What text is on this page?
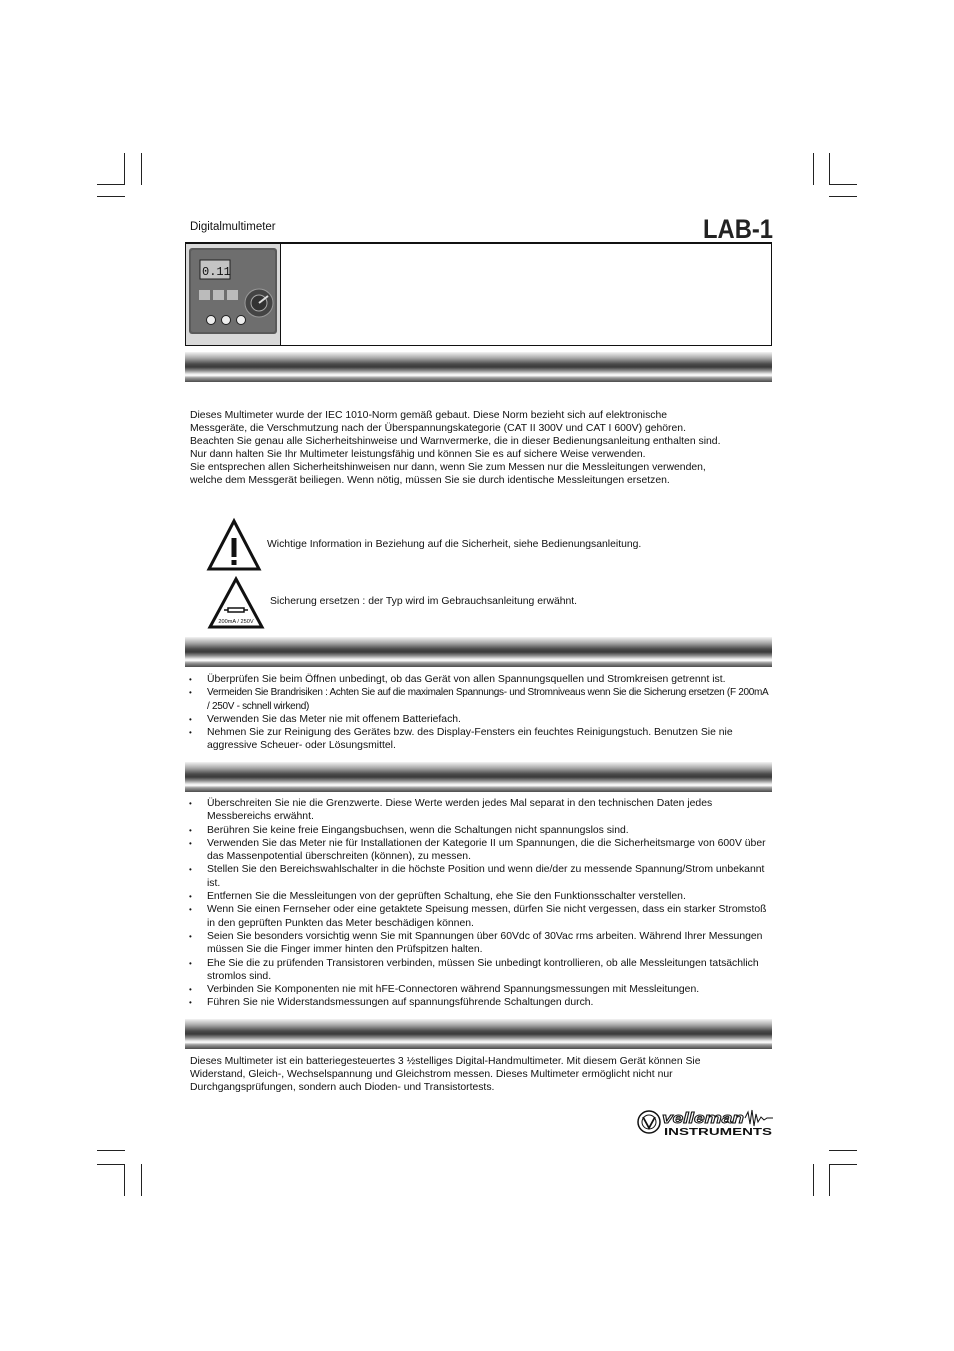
Digitalmultimeter	LAB-1
0.11

Dieses Multimeter wurde der IEC 1010-Norm gemäß gebaut. Diese Norm bezieht sich auf elektronische

Messgeräte, die Verschmutzung nach der Überspannungskategorie (CAT II 300V und CAT I 600V) gehören.

Beachten Sie genau alle Sicherheitshinweise und Warnvermerke, die in dieser Bedienungsanleitung enthalten sind.

Nur dann halten Sie Ihr Multimeter leistungsfähig und können Sie es auf sichere Weise verwenden.

Sie entsprechen allen Sicherheitshinweisen nur dann, wenn Sie zum Messen nur die Messleitungen verwenden,

welche dem Messgerät beiliegen. Wenn nötig, müssen Sie sie durch identische Messleitungen ersetzen.

Wichtige Information in Beziehung auf die Sicherheit, siehe Bedienungsanleitung.
200mA / 250V
Sicherung ersetzen : der Typ wird im Gebrauchsanleitung erwähnt.
• Überprüfen Sie beim Öffnen unbedingt, ob das Gerät von allen Spannungsquellen und Stromkreisen getrennt ist.
• Vermeiden Sie Brandrisiken : Achten Sie auf die maximalen Spannungs- und Stromniveaus wenn Sie die Sicherung ersetzen (F 200mA / 250V - schnell wirkend)
• Verwenden Sie das Meter nie mit offenem Batteriefach.
• Nehmen Sie zur Reinigung des Gerätes bzw. des Display-Fensters ein feuchtes Reinigungstuch. Benutzen Sie nie aggressive Scheuer- oder Lösungsmittel.
• Überschreiten Sie nie die Grenzwerte. Diese Werte werden jedes Mal separat in den technischen Daten jedes Messbereichs erwähnt.
• Berühren Sie keine freie Eingangsbuchsen, wenn die Schaltungen nicht spannungslos sind.
• Verwenden Sie das Meter nie für Installationen der Kategorie II um Spannungen, die die Sicherheitsmarge von 600V über das Massenpotential überschreiten (können), zu messen.
• Stellen Sie den Bereichswahlschalter in die höchste Position und wenn die/der zu messende Spannung/Strom unbekannt ist.
• Entfernen Sie die Messleitungen von der geprüften Schaltung, ehe Sie den Funktionsschalter verstellen.
• Wenn Sie einen Fernseher oder eine getaktete Speisung messen, dürfen Sie nicht vergessen, dass ein starker Stromstoß in den geprüften Punkten das Meter beschädigen können.
• Seien Sie besonders vorsichtig wenn Sie mit Spannungen über 60Vdc of 30Vac rms arbeiten. Während Ihrer Messungen müssen Sie die Finger immer hinten den Prüfspitzen halten.
• Ehe Sie die zu prüfenden Transistoren verbinden, müssen Sie unbedingt kontrollieren, ob alle Messleitungen tatsächlich stromlos sind.
• Verbinden Sie Komponenten nie mit hFE-Connectoren während Spannungsmessungen mit Messleitungen.
• Führen Sie nie Widerstandsmessungen auf spannungsführende Schaltungen durch.

Dieses Multimeter ist ein batteriegesteuertes 3 ½stelliges Digital-Handmultimeter. Mit diesem Gerät können Sie

Widerstand, Gleich-, Wechselspannung und Gleichstrom messen. Dieses Multimeter ermöglicht nicht nur

Durchgangsprüfungen, sondern auch Dioden- und Transistortests.

velleman
INSTRUMENTS
